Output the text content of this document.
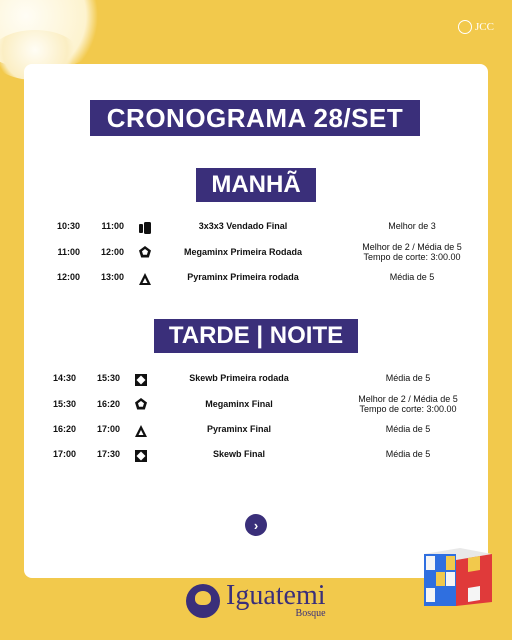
JCC
CRONOGRAMA 28/SET
MANHÃ
10:30	11:00	3x3x3 Vendado Final	Melhor de 3
11:00	12:00	Megaminx Primeira Rodada	Melhor de 2 / Média de 5
Tempo de corte: 3:00.00
12:00	13:00	Pyraminx Primeira rodada	Média de 5
TARDE | NOITE
14:30	15:30	Skewb Primeira rodada	Média de 5
15:30	16:20	Megaminx Final	Melhor de 2 / Média de 5
Tempo de corte: 3:00.00
16:20	17:00	Pyraminx Final	Média de 5
17:00	17:30	Skewb Final	Média de 5
›
Iguatemi
Bosque
